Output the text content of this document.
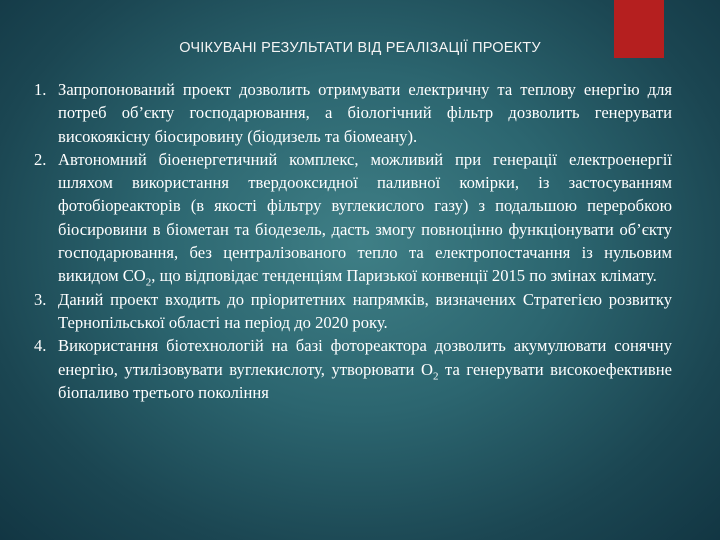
ОЧІКУВАНІ РЕЗУЛЬТАТИ ВІД РЕАЛІЗАЦІЇ ПРОЕКТУ
1. Запропонований проект дозволить отримувати електричну та теплову енергію для потреб об’єкту господарювання, а біологічний фільтр дозволить генерувати високоякісну біосировину (біодизель та біомеану).
2. Автономний біоенергетичний комплекс, можливий при генерації електроенергії шляхом використання твердооксидної паливної комірки, із застосуванням фотобіореакторів (в якості фільтру вуглекислого газу) з подальшою переробкою біосировини в біометан та біодезель, дасть змогу повноцінно функціонувати об’єкту господарювання, без централізованого тепло та електропостачання із нульовим викидом $СО_2$, що відповідає тенденціям Паризької конвенції 2015 по змінах клімату.
3. Даний проект входить до пріоритетних напрямків, визначених Стратегією розвитку Тернопільської області на період до 2020 року.
4. Використання біотехнологій на базі фотореактора дозволить акумулювати сонячну енергію, утилізовувати вуглекислоту, утворювати $О_2$ та генерувати високоефективне біопаливо третього покоління
